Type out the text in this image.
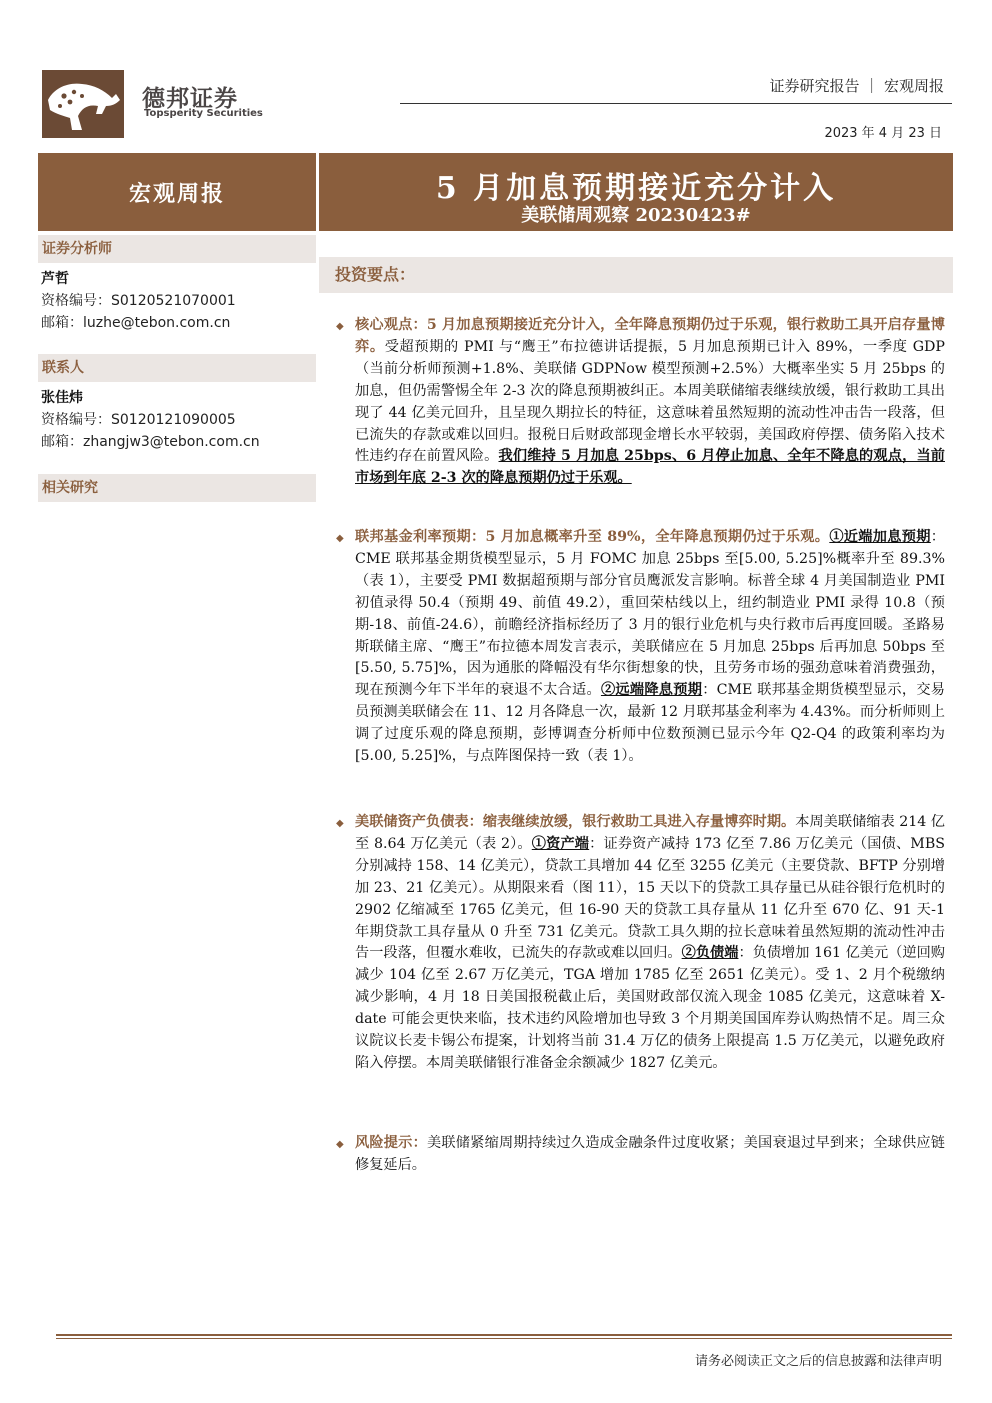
德邦证券
Topsperity Securities
证券研究报告 ｜ 宏观周报
2023 年 4 月 23 日
宏观周报	5 月加息预期接近充分计入
美联储周观察 20230423#
证券分析师
芦哲
资格编号：S0120521070001
邮箱：luzhe@tebon.com.cn
联系人
张佳炜
资格编号：S0120121090005
邮箱：zhangjw3@tebon.com.cn
相关研究
投资要点：
◆ 核心观点：5 月加息预期接近充分计入，全年降息预期仍过于乐观，银行救助工具开启存量博弈。受超预期的 PMI 与“鹰王”布拉德讲话提振，5 月加息预期已计入 89%，一季度 GDP（当前分析师预测+1.8%、美联储 GDPNow 模型预测+2.5%）大概率坐实 5 月 25bps 的加息，但仍需警惕全年 2-3 次的降息预期被纠正。本周美联储缩表继续放缓，银行救助工具出现了 44 亿美元回升，且呈现久期拉长的特征，这意味着虽然短期的流动性冲击告一段落，但已流失的存款或难以回归。报税日后财政部现金增长水平较弱，美国政府停摆、债务陷入技术性违约存在前置风险。我们维持 5 月加息 25bps、6 月停止加息、全年不降息的观点，当前市场到年底 2-3 次的降息预期仍过于乐观。

◆ 联邦基金利率预期：5 月加息概率升至 89%，全年降息预期仍过于乐观。①近端加息预期：CME 联邦基金期货模型显示，5 月 FOMC 加息 25bps 至[5.00, 5.25]%概率升至 89.3%（表 1），主要受 PMI 数据超预期与部分官员鹰派发言影响。标普全球 4 月美国制造业 PMI 初值录得 50.4（预期 49、前值 49.2），重回荣枯线以上，纽约制造业 PMI 录得 10.8（预期-18、前值-24.6），前瞻经济指标经历了 3 月的银行业危机与央行救市后再度回暖。圣路易斯联储主席、“鹰王”布拉德本周发言表示，美联储应在 5 月加息 25bps 后再加息 50bps 至[5.50, 5.75]%，因为通胀的降幅没有华尔街想象的快，且劳务市场的强劲意味着消费强劲，现在预测今年下半年的衰退不太合适。②远端降息预期：CME 联邦基金期货模型显示，交易员预测美联储会在 11、12 月各降息一次，最新 12 月联邦基金利率为 4.43%。而分析师则上调了过度乐观的降息预期，彭博调查分析师中位数预测已显示今年 Q2-Q4 的政策利率均为[5.00, 5.25]%，与点阵图保持一致（表 1）。

◆ 美联储资产负债表：缩表继续放缓，银行救助工具进入存量博弈时期。本周美联储缩表 214 亿至 8.64 万亿美元（表 2）。①资产端：证券资产减持 173 亿至 7.86 万亿美元（国债、MBS 分别减持 158、14 亿美元），贷款工具增加 44 亿至 3255 亿美元（主要贷款、BFTP 分别增加 23、21 亿美元）。从期限来看（图 11），15 天以下的贷款工具存量已从硅谷银行危机时的 2902 亿缩减至 1765 亿美元，但 16-90 天的贷款工具存量从 11 亿升至 670 亿、91 天-1 年期贷款工具存量从 0 升至 731 亿美元。贷款工具久期的拉长意味着虽然短期的流动性冲击告一段落，但覆水难收，已流失的存款或难以回归。②负债端：负债增加 161 亿美元（逆回购减少 104 亿至 2.67 万亿美元，TGA 增加 1785 亿至 2651 亿美元）。受 1、2 月个税缴纳减少影响，4 月 18 日美国报税截止后，美国财政部仅流入现金 1085 亿美元，这意味着 X-date 可能会更快来临，技术违约风险增加也导致 3 个月期美国国库券认购热情不足。周三众议院议长麦卡锡公布提案，计划将当前 31.4 万亿的债务上限提高 1.5 万亿美元，以避免政府陷入停摆。本周美联储银行准备金余额减少 1827 亿美元。

◆ 风险提示：美联储紧缩周期持续过久造成金融条件过度收紧；美国衰退过早到来；全球供应链修复延后。

请务必阅读正文之后的信息披露和法律声明
